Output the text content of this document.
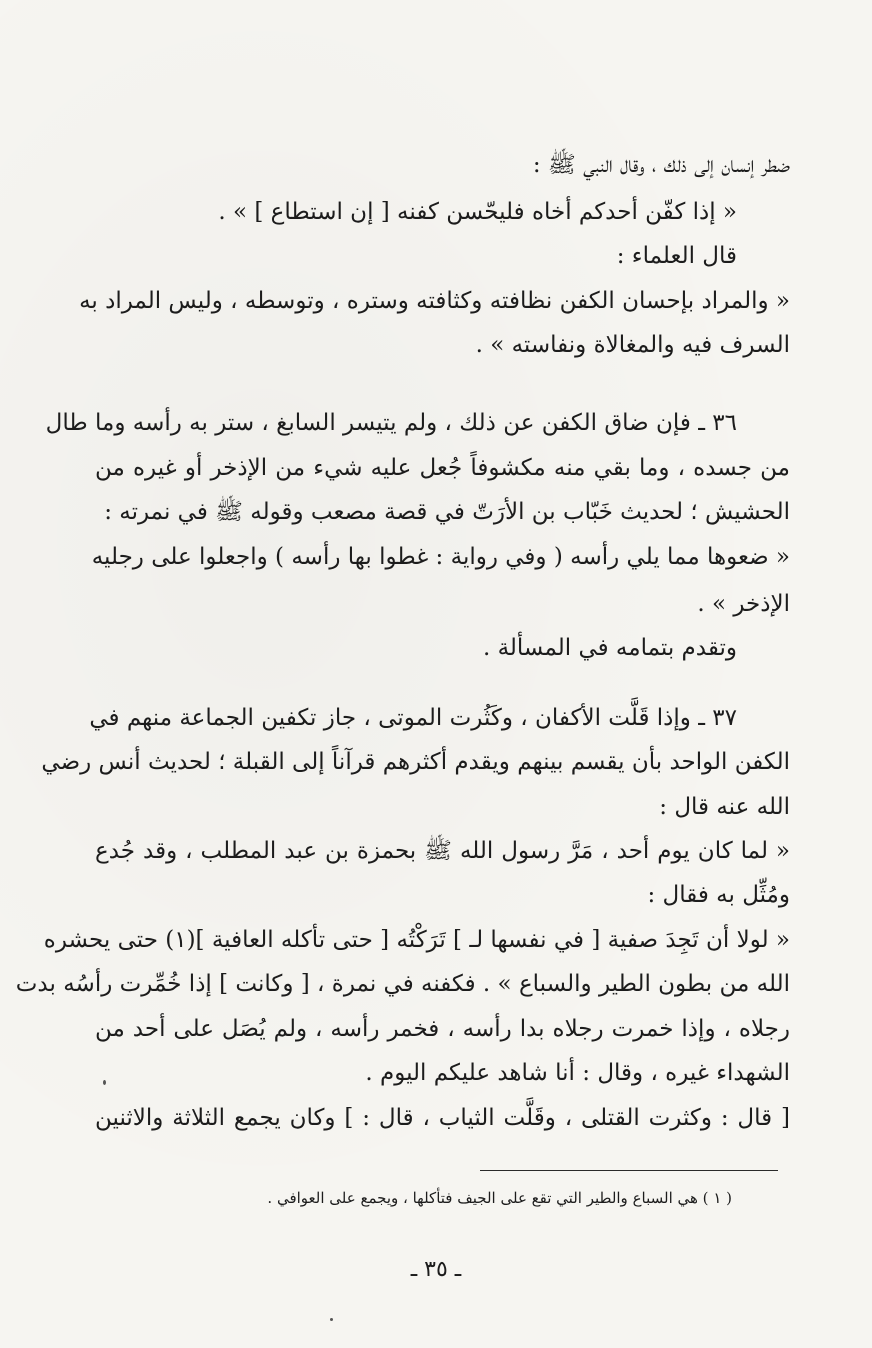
ضطر إنسان إلى ذلك ، وقال النبي ﷺ :
« إذا كفّن أحدكم أخاه فليحّسن كفنه [ إن استطاع ] » .
قال العلماء :
« والمراد بإحسان الكفن نظافته وكثافته وستره ، وتوسطه ، وليس المراد به
السرف فيه والمغالاة ونفاسته » .
٣٦ ـ فإن ضاق الكفن عن ذلك ، ولم يتيسر السابغ ، ستر به رأسه وما طال
من جسده ، وما بقي منه مكشوفاً جُعل عليه شيء من الإذخر أو غيره من
الحشيش ؛ لحديث خَبّاب بن الأرَتّ في قصة مصعب وقوله ﷺ في نمرته :
« ضعوها مما يلي رأسه ( وفي رواية : غطوا بها رأسه ) واجعلوا على رجليه
الإذخر » .
وتقدم بتمامه في المسألة .
٣٧ ـ وإذا قَلَّت الأكفان ، وكَثُرت الموتى ، جاز تكفين الجماعة منهم في
الكفن الواحد بأن يقسم بينهم ويقدم أكثرهم قرآناً إلى القبلة ؛ لحديث أنس رضي
الله عنه قال :
« لما كان يوم أحد ، مَرَّ رسول الله ﷺ بحمزة بن عبد المطلب ، وقد جُدع
ومُثِّل به فقال :
« لولا أن تَجِدَ صفية [ في نفسها لـ ] تَرَكْتُه [ حتى تأكله العافية ](١) حتى يحشره
الله من بطون الطير والسباع » . فكفنه في نمرة ، [ وكانت ] إذا خُمِّرت رأسُه بدت
رجلاه ، وإذا خمرت رجلاه بدا رأسه ، فخمر رأسه ، ولم يُصَل على أحد من
الشهداء غيره ، وقال : أنا شاهد عليكم اليوم .
[ قال : وكثرت القتلى ، وقَلَّت الثياب ، قال : ] وكان يجمع الثلاثة والاثنين
( ١ ) هي السباع والطير التي تقع على الجيف فتأكلها ، ويجمع على العوافي .
ـ ٣٥ ـ
